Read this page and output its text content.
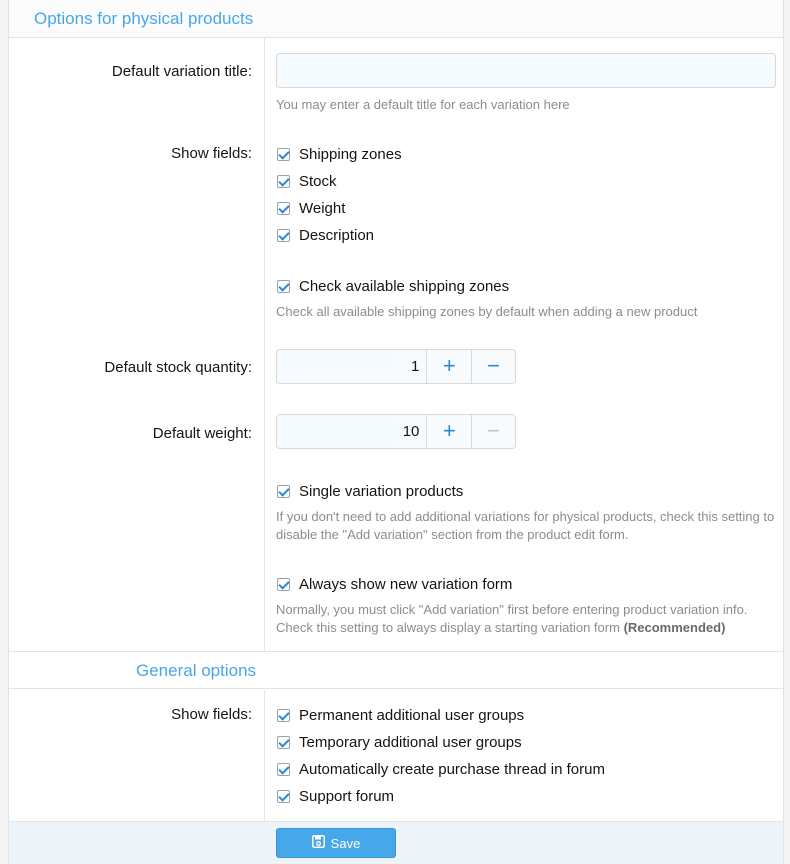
Options for physical products
Default variation title:
You may enter a default title for each variation here
Show fields:	Shipping zones
Stock
Weight
Description
Check available shipping zones
Check all available shipping zones by default when adding a new product
Default stock quantity:	1	+	−
Default weight:	10	+	−
Single variation products
If you don't need to add additional variations for physical products, check this setting to disable the "Add variation" section from the product edit form.
Always show new variation form
Normally, you must click "Add variation" first before entering product variation info. Check this setting to always display a starting variation form (Recommended)
General options
Show fields:	Permanent additional user groups
Temporary additional user groups
Automatically create purchase thread in forum
Support forum
Save
